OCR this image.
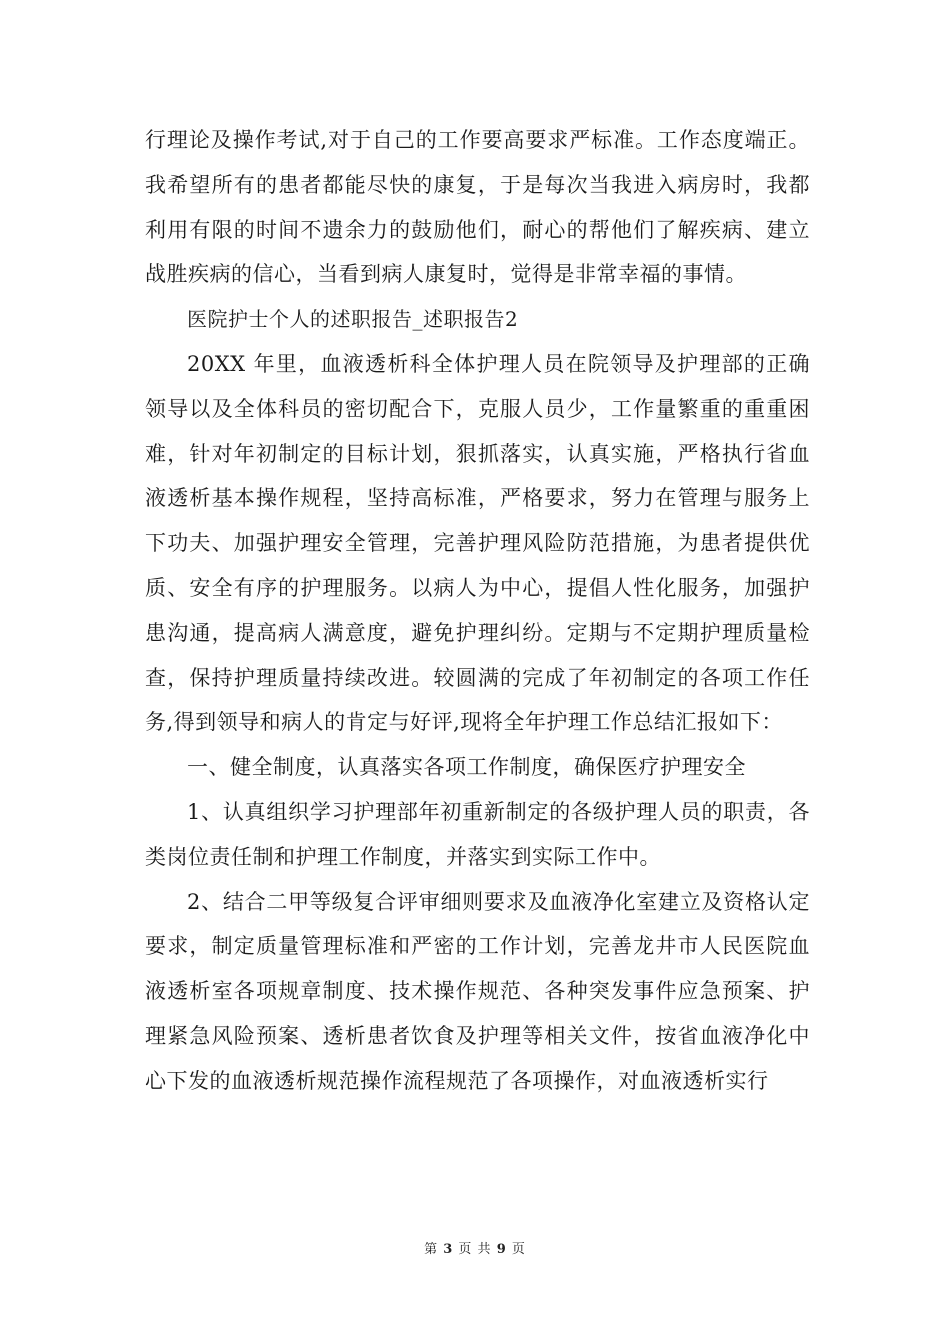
行理论及操作考试,对于自己的工作要高要求严标准。工作态度端正。我希望所有的患者都能尽快的康复，于是每次当我进入病房时，我都利用有限的时间不遗余力的鼓励他们，耐心的帮他们了解疾病、建立战胜疾病的信心，当看到病人康复时，觉得是非常幸福的事情。

医院护士个人的述职报告_述职报告2

20XX 年里，血液透析科全体护理人员在院领导及护理部的正确领导以及全体科员的密切配合下，克服人员少，工作量繁重的重重困难，针对年初制定的目标计划，狠抓落实，认真实施，严格执行省血液透析基本操作规程，坚持高标准，严格要求，努力在管理与服务上下功夫、加强护理安全管理，完善护理风险防范措施，为患者提供优质、安全有序的护理服务。以病人为中心，提倡人性化服务，加强护患沟通，提高病人满意度，避免护理纠纷。定期与不定期护理质量检查，保持护理质量持续改进。较圆满的完成了年初制定的各项工作任务,得到领导和病人的肯定与好评,现将全年护理工作总结汇报如下：

一、健全制度，认真落实各项工作制度，确保医疗护理安全

1、认真组织学习护理部年初重新制定的各级护理人员的职责，各类岗位责任制和护理工作制度，并落实到实际工作中。

2、结合二甲等级复合评审细则要求及血液净化室建立及资格认定要求，制定质量管理标准和严密的工作计划，完善龙井市人民医院血液透析室各项规章制度、技术操作规范、各种突发事件应急预案、护理紧急风险预案、透析患者饮食及护理等相关文件，按省血液净化中心下发的血液透析规范操作流程规范了各项操作，对血液透析实行

第 3 页 共 9 页
